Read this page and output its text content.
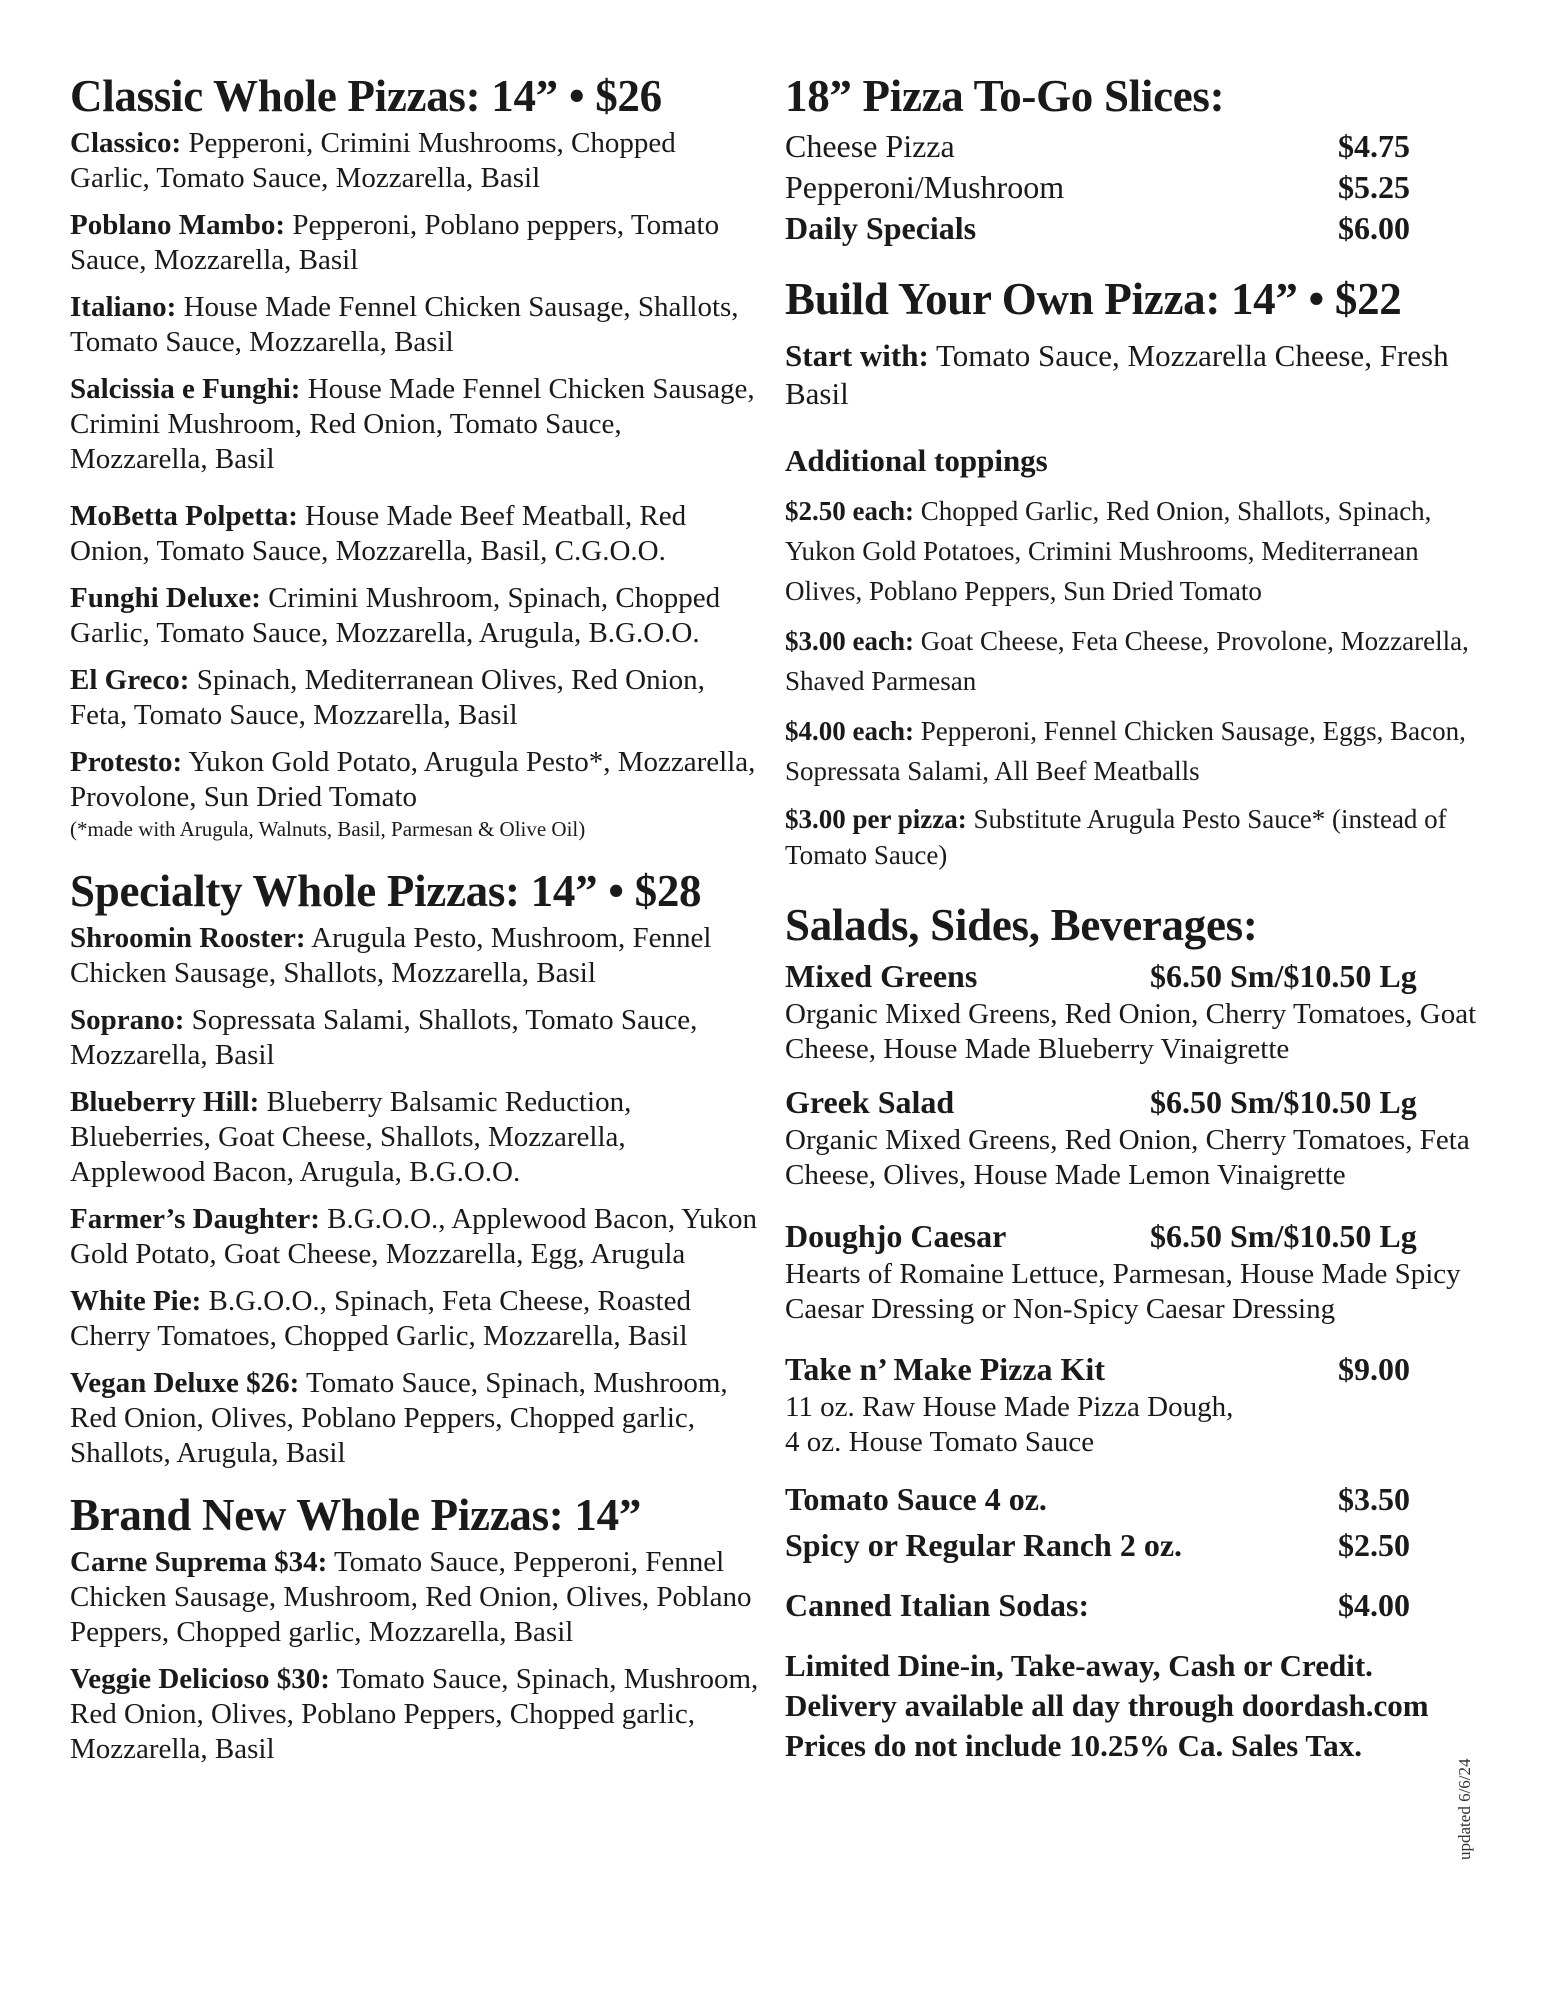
Classic Whole Pizzas: 14” • $26
Classico: Pepperoni, Crimini Mushrooms, Chopped Garlic, Tomato Sauce, Mozzarella, Basil
Poblano Mambo: Pepperoni, Poblano peppers, Tomato Sauce, Mozzarella, Basil
Italiano: House Made Fennel Chicken Sausage, Shallots, Tomato Sauce, Mozzarella, Basil
Salcissia e Funghi: House Made Fennel Chicken Sausage, Crimini Mushroom, Red Onion, Tomato Sauce, Mozzarella, Basil
MoBetta Polpetta: House Made Beef Meatball, Red Onion, Tomato Sauce, Mozzarella, Basil, C.G.O.O.
Funghi Deluxe: Crimini Mushroom, Spinach, Chopped Garlic, Tomato Sauce, Mozzarella, Arugula, B.G.O.O.
El Greco: Spinach, Mediterranean Olives, Red Onion, Feta, Tomato Sauce, Mozzarella, Basil
Protesto: Yukon Gold Potato, Arugula Pesto*, Mozzarella, Provolone, Sun Dried Tomato
(*made with Arugula, Walnuts, Basil, Parmesan & Olive Oil)
Specialty Whole Pizzas: 14” • $28
Shroomin Rooster: Arugula Pesto, Mushroom, Fennel Chicken Sausage, Shallots, Mozzarella, Basil
Soprano: Sopressata Salami, Shallots, Tomato Sauce, Mozzarella, Basil
Blueberry Hill: Blueberry Balsamic Reduction, Blueberries, Goat Cheese, Shallots, Mozzarella, Applewood Bacon, Arugula, B.G.O.O.
Farmer’s Daughter: B.G.O.O., Applewood Bacon, Yukon Gold Potato, Goat Cheese, Mozzarella, Egg, Arugula
White Pie: B.G.O.O., Spinach, Feta Cheese, Roasted Cherry Tomatoes, Chopped Garlic, Mozzarella, Basil
Vegan Deluxe $26: Tomato Sauce, Spinach, Mushroom, Red Onion, Olives, Poblano Peppers, Chopped garlic, Shallots, Arugula, Basil
Brand New Whole Pizzas: 14”
Carne Suprema $34: Tomato Sauce, Pepperoni, Fennel Chicken Sausage, Mushroom, Red Onion, Olives, Poblano Peppers, Chopped garlic, Mozzarella, Basil
Veggie Delicioso $30: Tomato Sauce, Spinach, Mushroom, Red Onion, Olives, Poblano Peppers, Chopped garlic, Mozzarella, Basil
18” Pizza To-Go Slices:
Cheese Pizza	$4.75
Pepperoni/Mushroom	$5.25
Daily Specials	$6.00
Build Your Own Pizza: 14” • $22
Start with: Tomato Sauce, Mozzarella Cheese, Fresh Basil
Additional toppings
$2.50 each: Chopped Garlic, Red Onion, Shallots, Spinach, Yukon Gold Potatoes, Crimini Mushrooms, Mediterranean Olives, Poblano Peppers, Sun Dried Tomato
$3.00 each: Goat Cheese, Feta Cheese, Provolone, Mozzarella, Shaved Parmesan
$4.00 each: Pepperoni, Fennel Chicken Sausage, Eggs, Bacon, Sopressata Salami, All Beef Meatballs
$3.00 per pizza: Substitute Arugula Pesto Sauce* (instead of Tomato Sauce)
Salads, Sides, Beverages:
Mixed Greens	$6.50 Sm/$10.50 Lg
Organic Mixed Greens, Red Onion, Cherry Tomatoes, Goat Cheese, House Made Blueberry Vinaigrette
Greek Salad	$6.50 Sm/$10.50 Lg
Organic Mixed Greens, Red Onion, Cherry Tomatoes, Feta Cheese, Olives, House Made Lemon Vinaigrette
Doughjo Caesar	$6.50 Sm/$10.50 Lg
Hearts of Romaine Lettuce, Parmesan, House Made Spicy Caesar Dressing or Non-Spicy Caesar Dressing
Take n’ Make Pizza Kit	$9.00
11 oz. Raw House Made Pizza Dough,
4 oz. House Tomato Sauce
Tomato Sauce 4 oz.	$3.50
Spicy or Regular Ranch 2 oz.	$2.50
Canned Italian Sodas:	$4.00
Limited Dine-in, Take-away, Cash or Credit.
Delivery available all day through doordash.com
Prices do not include 10.25% Ca. Sales Tax.
updated 6/6/24
